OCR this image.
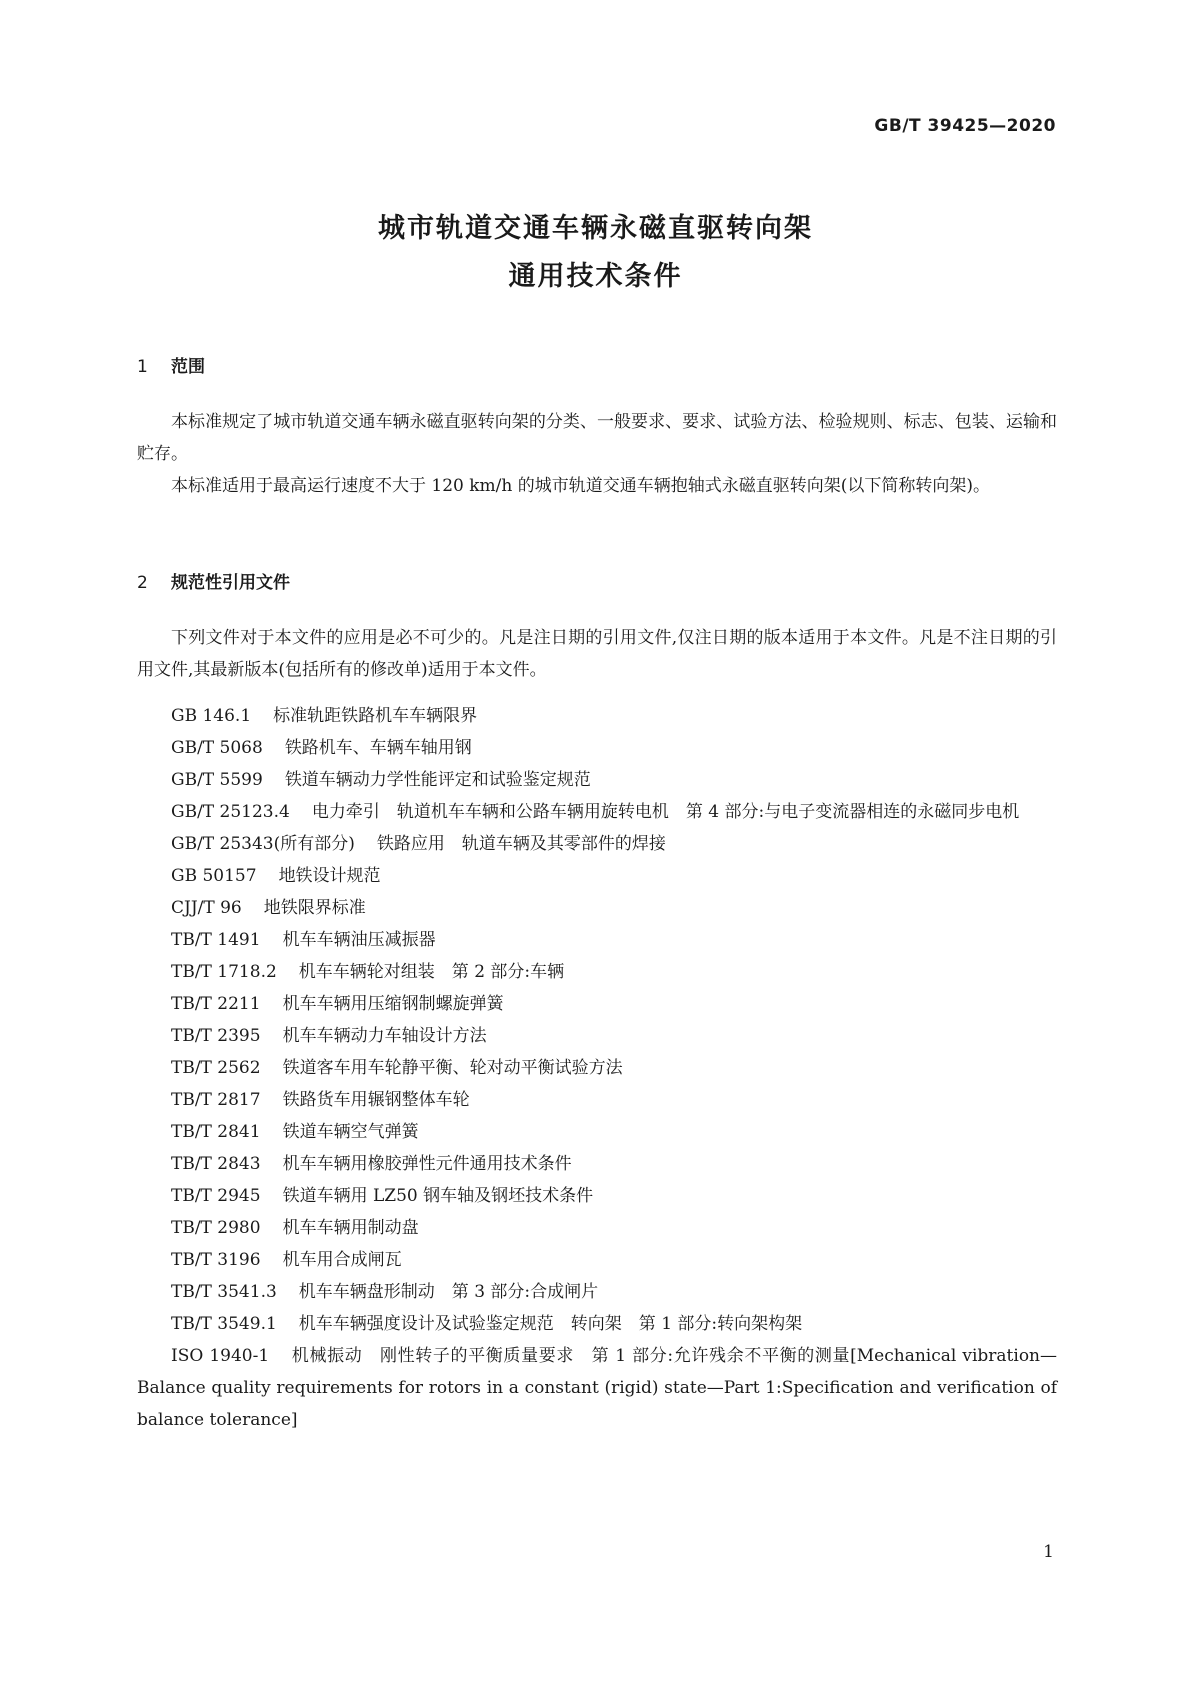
GB/T 39425—2020
城市轨道交通车辆永磁直驱转向架
通用技术条件
1 范围
本标准规定了城市轨道交通车辆永磁直驱转向架的分类、一般要求、要求、试验方法、检验规则、标志、包装、运输和贮存。
本标准适用于最高运行速度不大于 120 km/h 的城市轨道交通车辆抱轴式永磁直驱转向架(以下简称转向架)。
2 规范性引用文件
下列文件对于本文件的应用是必不可少的。凡是注日期的引用文件,仅注日期的版本适用于本文件。凡是不注日期的引用文件,其最新版本(包括所有的修改单)适用于本文件。
GB 146.1 标准轨距铁路机车车辆限界
GB/T 5068 铁路机车、车辆车轴用钢
GB/T 5599 铁道车辆动力学性能评定和试验鉴定规范
GB/T 25123.4 电力牵引　轨道机车车辆和公路车辆用旋转电机　第 4 部分:与电子变流器相连的永磁同步电机
GB/T 25343(所有部分) 铁路应用　轨道车辆及其零部件的焊接
GB 50157 地铁设计规范
CJJ/T 96 地铁限界标准
TB/T 1491 机车车辆油压减振器
TB/T 1718.2 机车车辆轮对组装　第 2 部分:车辆
TB/T 2211 机车车辆用压缩钢制螺旋弹簧
TB/T 2395 机车车辆动力车轴设计方法
TB/T 2562 铁道客车用车轮静平衡、轮对动平衡试验方法
TB/T 2817 铁路货车用辗钢整体车轮
TB/T 2841 铁道车辆空气弹簧
TB/T 2843 机车车辆用橡胶弹性元件通用技术条件
TB/T 2945 铁道车辆用 LZ50 钢车轴及钢坯技术条件
TB/T 2980 机车车辆用制动盘
TB/T 3196 机车用合成闸瓦
TB/T 3541.3 机车车辆盘形制动　第 3 部分:合成闸片
TB/T 3549.1 机车车辆强度设计及试验鉴定规范　转向架　第 1 部分:转向架构架
ISO 1940-1 机械振动　刚性转子的平衡质量要求　第 1 部分:允许残余不平衡的测量[Mechanical vibration—Balance quality requirements for rotors in a constant (rigid) state—Part 1:Specification and verification of balance tolerance]
1
